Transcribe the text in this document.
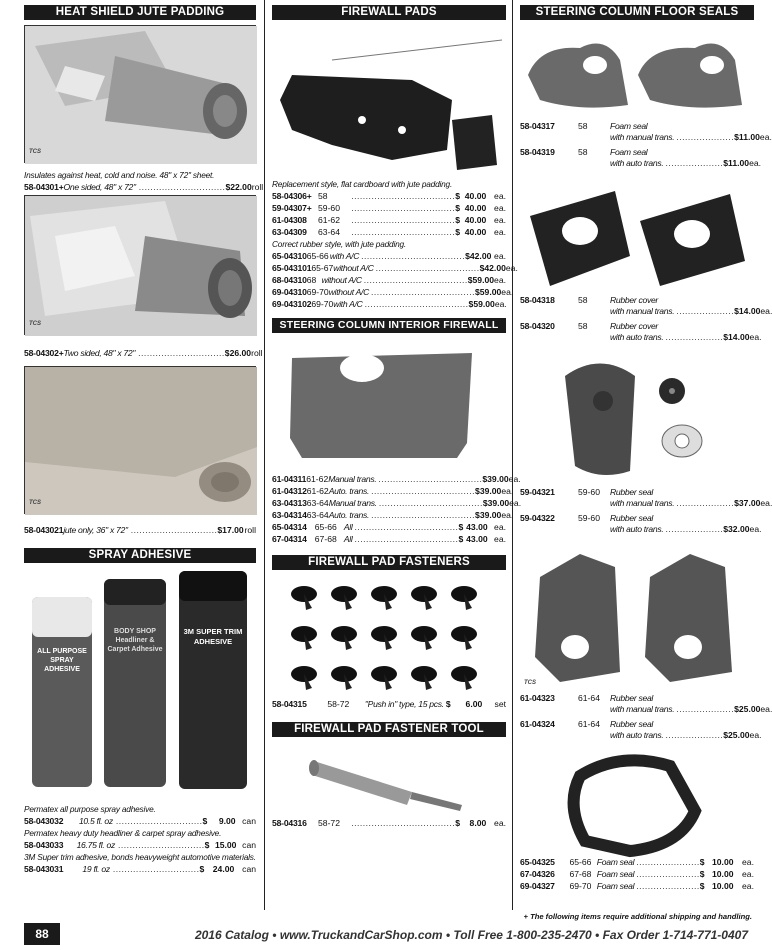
HEAT SHIELD JUTE PADDING
TCS
Insulates against heat, cold and noise. 48" x 72" sheet.
58-04301+ One sided, 48" x 72" .............................. $ 22.00 roll
TCS
58-04302+ Two sided, 48" x 72" .............................. $ 26.00 roll
TCS
58-043021 jute only, 36" x 72" .............................. $ 17.00 roll
SPRAY ADHESIVE
ALL PURPOSE SPRAY ADHESIVE
BODY SHOP Headliner & Carpet Adhesive
3M SUPER TRIM ADHESIVE
Permatex all purpose spray adhesive.
58-043032	10.5 fl. oz .............................. $	9.00 can
Permatex heavy duty headliner & carpet spray adhesive.
58-043033	16.75 fl. oz .............................. $ 15.00 can
3M Super trim adhesive, bonds heavyweight automotive materials.
58-043031	19 fl. oz .............................. $ 24.00 can
FIREWALL PADS
Replacement style, flat cardboard with jute padding.
58-04306+ 58	.................................... $ 40.00 ea.
59-04307+ 59-60	.................................... $ 40.00 ea.
61-04308	61-62	.................................... $ 40.00 ea.
63-04309	63-64	.................................... $ 40.00 ea.
Correct rubber style, with jute padding.
65-04310 65-66 with A/C .................................... $ 42.00 ea.
65-043101 65-67 without A/C .................................... $ 42.00 ea.
68-04310 68 without A/C .................................... $ 59.00 ea.
69-04310 69-70 without A/C .................................... $ 59.00 ea.
69-043102 69-70 with A/C .................................... $ 59.00 ea.
STEERING COLUMN INTERIOR FIREWALL TRIM PADS
61-04311 61-62 Manual trans. .................................... $ 39.00 ea.
61-04312 61-62 Auto. trans. .................................... $ 39.00 ea.
63-04313 63-64 Manual trans. .................................... $ 39.00 ea.
63-04314 63-64 Auto. trans. .................................... $ 39.00 ea.
65-04314 65-66 All .................................... $ 43.00 ea.
67-04314 67-68 All .................................... $ 43.00 ea.
FIREWALL PAD FASTENERS
58-04315	58-72	"Push in" type, 15 pcs. $	6.00	set
FIREWALL PAD FASTENER TOOL
58-04316	58-72	.................................... $	8.00 ea.
STEERING COLUMN FLOOR SEALS
58-04317	58	Foam seal
with manual trans. .................... $ 11.00 ea.
58-04319	58	Foam seal
with auto trans. .................... $ 11.00 ea.
58-04318	58	Rubber cover
with manual trans. .................... $ 14.00 ea.
58-04320	58	Rubber cover
with auto trans. .................... $ 14.00 ea.
59-04321	59-60	Rubber seal
with manual trans. .................... $ 37.00 ea.
59-04322	59-60	Rubber seal
with auto trans. .................... $ 32.00 ea.
TCS
61-04323	61-64	Rubber seal
with manual trans. .................... $ 25.00 ea.
61-04324	61-64	Rubber seal
with auto trans. .................... $ 25.00 ea.
65-04325	65-66 Foam seal ...................... $ 10.00 ea.
67-04326	67-68 Foam seal ...................... $ 10.00 ea.
69-04327	69-70 Foam seal ...................... $ 10.00 ea.
+ The following items require additional shipping and handling.
88	2016 Catalog • www.TruckandCarShop.com • Toll Free 1-800-235-2470 • Fax Order 1-714-771-0407
